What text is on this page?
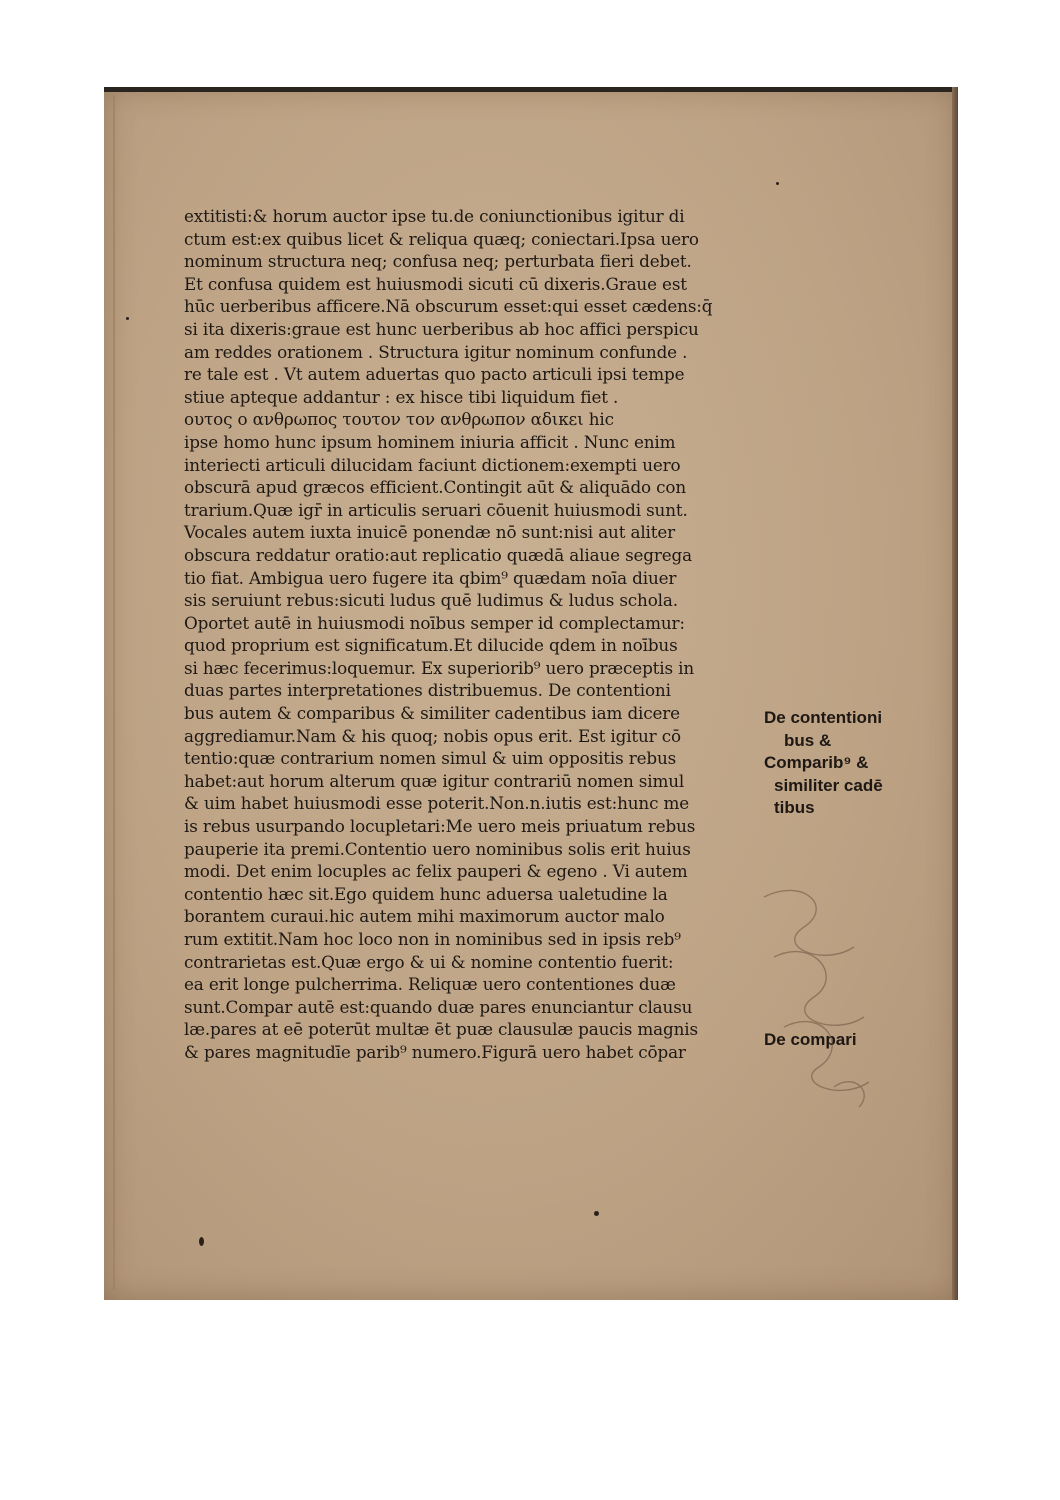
extitisti:& horum auctor ipse tu.de coniunctionibus igitur di
ctum est:ex quibus licet & reliqua quæq; coniectari.Ipsa uero
nominum structura neq; confusa neq; perturbata fieri debet.
Et confusa quidem est huiusmodi sicuti cū dixeris.Graue est
hūc uerberibus afficere.Nā obscurum esset:qui esset cædens:q̄
si ita dixeris:graue est hunc uerberibus ab hoc affici perspicu
am reddes orationem . Structura igitur nominum confunde .
re tale est . Vt autem aduertas quo pacto articuli ipsi tempe
stiue apteque addantur : ex hisce tibi liquidum fiet .
ουτος ο ανθρωπος τουτον τον ανθρωπον αδικει hic
ipse homo hunc ipsum hominem iniuria afficit . Nunc enim
interiecti articuli dilucidam faciunt dictionem:exempti uero
obscurā apud græcos efficient.Contingit aūt & aliquādo con
trarium.Quæ igr̄ in articulis seruari cōuenit huiusmodi sunt.
Vocales autem iuxta inuicē ponendæ nō sunt:nisi aut aliter
obscura reddatur oratio:aut replicatio quædā aliaue segrega
tio fiat. Ambigua uero fugere ita qbim⁹ quædam noīa diuer
sis seruiunt rebus:sicuti ludus quē ludimus & ludus schola.
Oportet autē in huiusmodi noībus semper id complectamur:
quod proprium est significatum.Et dilucide qdem in noībus
si hæc fecerimus:loquemur. Ex superiorib⁹ uero præceptis in
duas partes interpretationes distribuemus. De contentioni
bus autem & comparibus & similiter cadentibus iam dicere
aggrediamur.Nam & his quoq; nobis opus erit. Est igitur cō
tentio:quæ contrarium nomen simul & uim oppositis rebus
habet:aut horum alterum quæ igitur contrariū nomen simul
& uim habet huiusmodi esse poterit.Non.n.iutis est:hunc me
is rebus usurpando locupletari:Me uero meis priuatum rebus
pauperie ita premi.Contentio uero nominibus solis erit huius
modi. Det enim locuples ac felix pauperi & egeno . Vi autem
contentio hæc sit.Ego quidem hunc aduersa ualetudine la
borantem curaui.hic autem mihi maximorum auctor malo
rum extitit.Nam hoc loco non in nominibus sed in ipsis reb⁹
contrarietas est.Quæ ergo & ui & nomine contentio fuerit:
ea erit longe pulcherrima. Reliquæ uero contentiones duæ
sunt.Compar autē est:quando duæ pares enunciantur clausu
læ.pares at eē poterūt multæ ēt puæ clausulæ paucis magnis
& pares magnitudīe parib⁹ numero.Figurā uero habet cōpar
De contentioni
bus &
Comparib⁹ &
similiter cadē
tibus
De compari
